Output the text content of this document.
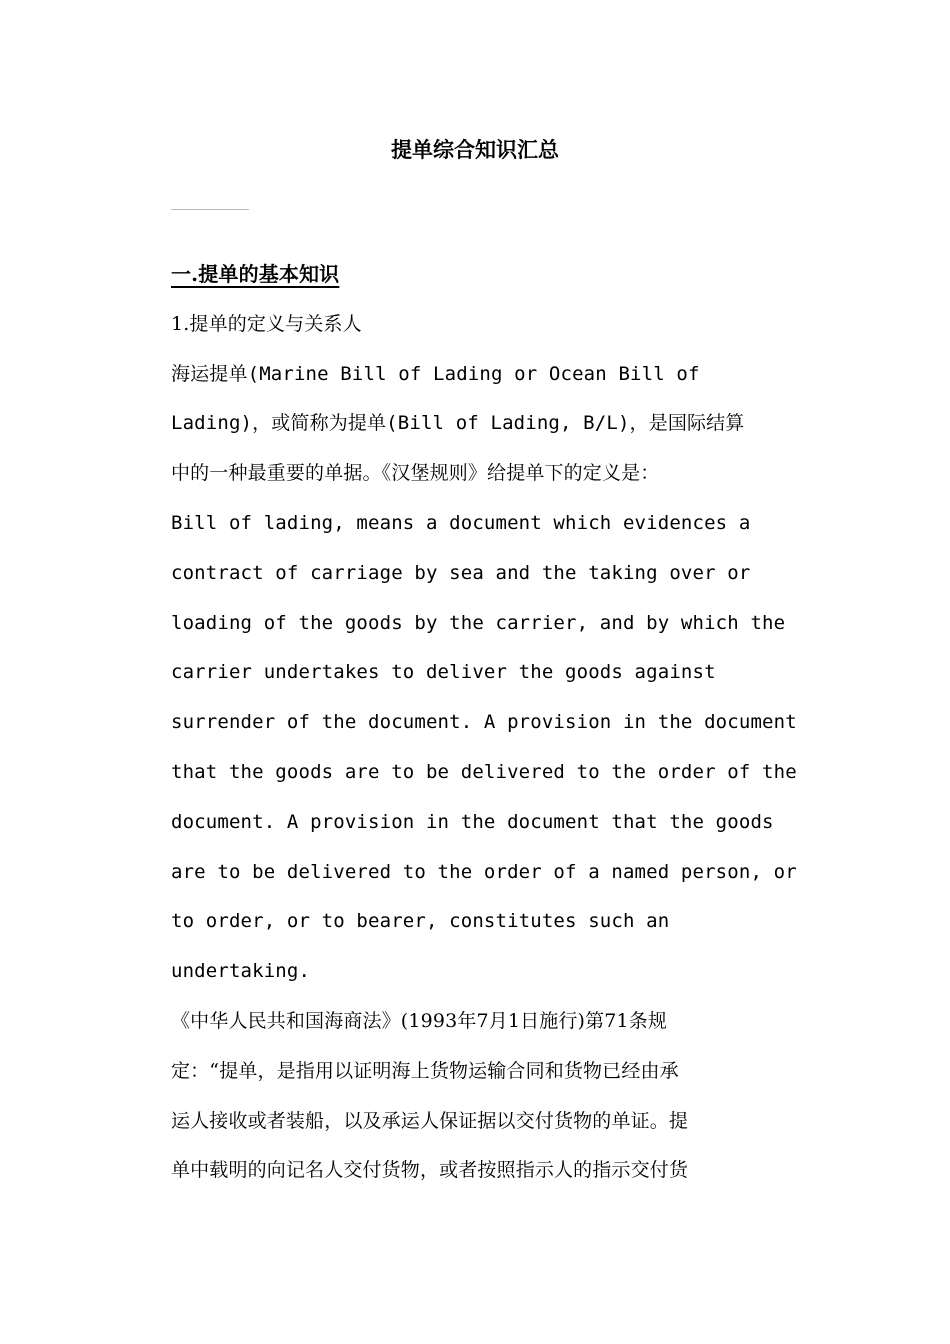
提单综合知识汇总
一.提单的基本知识
1.提单的定义与关系人
海运提单(Marine Bill of Lading or Ocean Bill of
Lading)，或简称为提单(Bill of Lading, B/L)，是国际结算
中的一种最重要的单据。《汉堡规则》给提单下的定义是：
Bill of lading, means a document which evidences a
contract of carriage by sea and the taking over or
loading of the goods by the carrier, and by which the
carrier undertakes to deliver the goods against
surrender of the document. A provision in the document
that the goods are to be delivered to the order of the
document. A provision in the document that the goods
are to be delivered to the order of a named person, or
to order, or to bearer, constitutes such an
undertaking.
《中华人民共和国海商法》(1993年7月1日施行)第71条规
定：“提单，是指用以证明海上货物运输合同和货物已经由承
运人接收或者装船，以及承运人保证据以交付货物的单证。提
单中载明的向记名人交付货物，或者按照指示人的指示交付货
